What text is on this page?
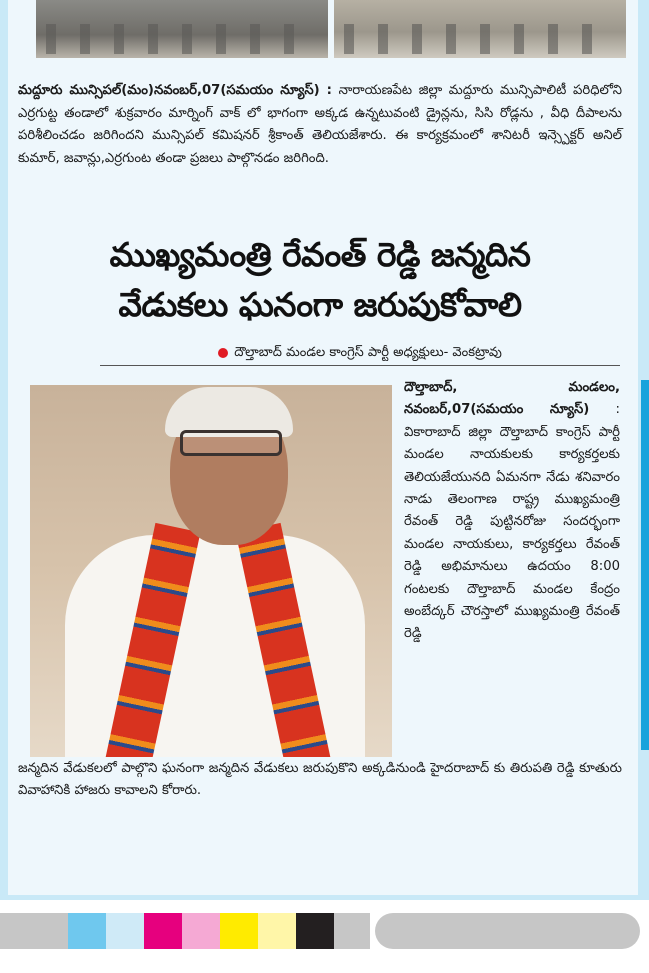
మద్దూరు మున్సిపల్(మం)నవంబర్,07(సమయం న్యూస్) : నారాయణపేట జిల్లా మద్దూరు మున్సిపాలిటీ పరిధిలోని ఎర్రగుట్ట తండాలో శుక్రవారం మార్నింగ్ వాక్ లో భాగంగా అక్కడ ఉన్నటువంటి డ్రైన్లను, సిసి రోడ్లను , వీధి దీపాలను పరిశీలించడం జరిగిందని మున్సిపల్ కమిషనర్ శ్రీకాంత్ తెలియజేశారు. ఈ కార్యక్రమంలో శానిటరీ ఇన్స్పెక్టర్ అనిల్ కుమార్, జవాన్లు,ఎర్రగుంట తండా ప్రజలు పాల్గొనడం జరిగింది.
ముఖ్యమంత్రి రేవంత్ రెడ్డి జన్మదిన
వేడుకలు ఘనంగా జరుపుకోవాలి
దౌల్తాబాద్ మండల కాంగ్రెస్ పార్టీ అధ్యక్షులు- వెంకట్రావు
దౌల్తాబాద్, మండలం, నవంబర్,07(సమయం న్యూస్) : వికారాబాద్ జిల్లా దౌల్తాబాద్ కాంగ్రెస్ పార్టీ మండల నాయకులకు కార్యకర్తలకు తెలియజేయునది ఏమనగా నేడు శనివారం నాడు తెలంగాణ రాష్ట్ర ముఖ్యమంత్రి రేవంత్ రెడ్డి పుట్టినరోజు సందర్భంగా మండల నాయకులు, కార్యకర్తలు రేవంత్ రెడ్డి అభిమానులు ఉదయం 8:00 గంటలకు దౌల్తాబాద్ మండల కేంద్రం అంబేద్కర్ చౌరస్తాలో ముఖ్యమంత్రి రేవంత్ రెడ్డి
జన్మదిన వేడుకలలో పాల్గొని ఘనంగా జన్మదిన వేడుకలు జరుపుకొని అక్కడినుండి హైదరాబాద్ కు తిరుపతి రెడ్డి కూతురు వివాహానికి హాజరు కావాలని కోరారు.
